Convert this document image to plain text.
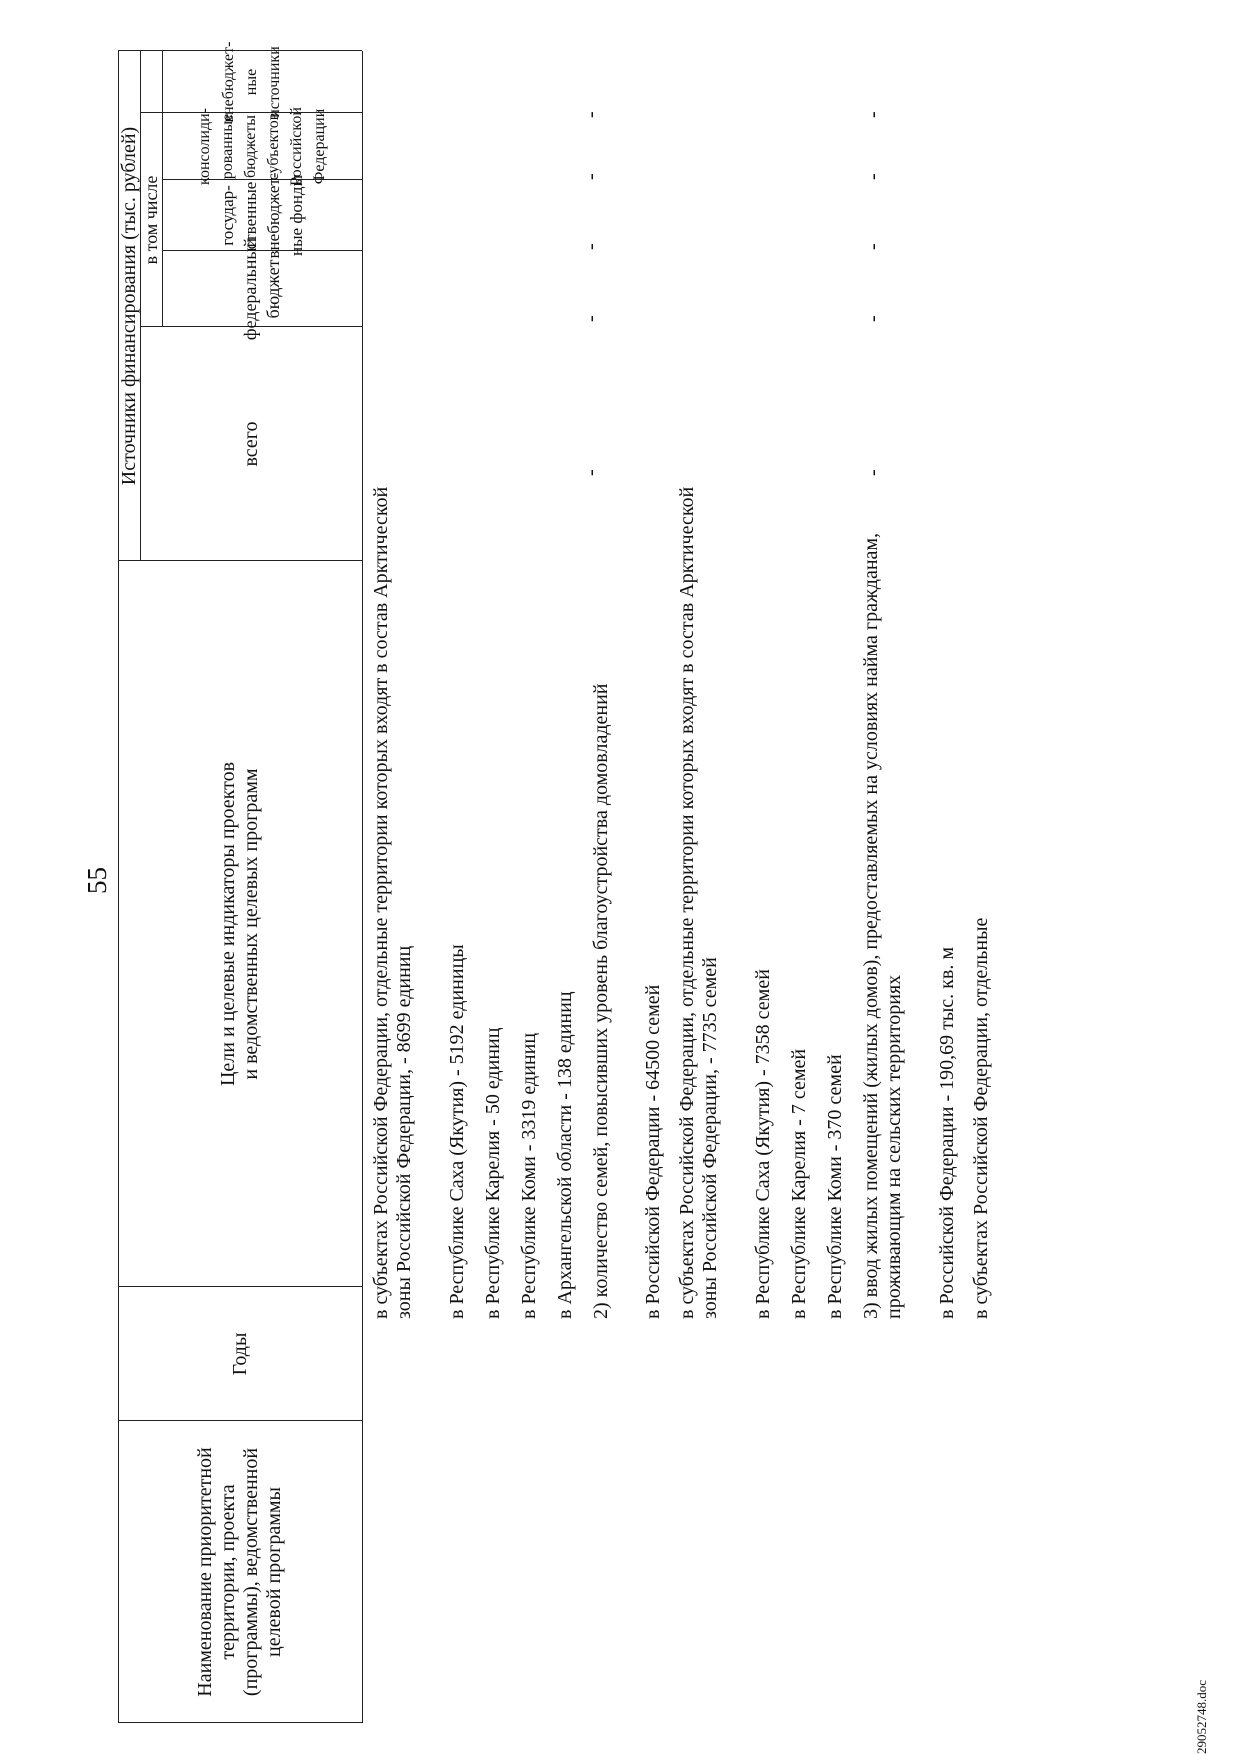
55
Наименование приоритетной территории, проекта (программы), ведомственной целевой программы
Годы
Цели и целевые индикаторы проектов и ведомственных целевых программ
Источники финансирования (тыс. рублей)	всего
в том числе
федеральный бюджет
государ- ственные внебюджет- ные фонды
консолиди- рованные бюджеты субъектов Российской Федерации
внебюджет- ные источники
в субъектах Российской Федерации, отдельные территории которых входят в состав Арктической зоны Российской Федерации, - 8699 единиц в Республике Саха (Якутия) - 5192 единицы в Республике Карелия - 50 единиц в Республике Коми - 3319 единиц в Архангельской области - 138 единиц 2) количество семей, повысивших уровень благоустройства домовладений в Российской Федерации - 64500 семей в субъектах Российской Федерации, отдельные территории которых входят в состав Арктической зоны Российской Федерации, - 7735 семей в Республике Саха (Якутия) - 7358 семей в Республике Карелия - 7 семей в Республике Коми - 370 семей 3) ввод жилых помещений (жилых домов), предоставляемых на условиях найма гражданам, проживающим на сельских территориях в Российской Федерации - 190,69 тыс. кв. м в субъектах Российской Федерации, отдельные
-
-
-
-
-
-
-
-
-
-
29052748.doc
